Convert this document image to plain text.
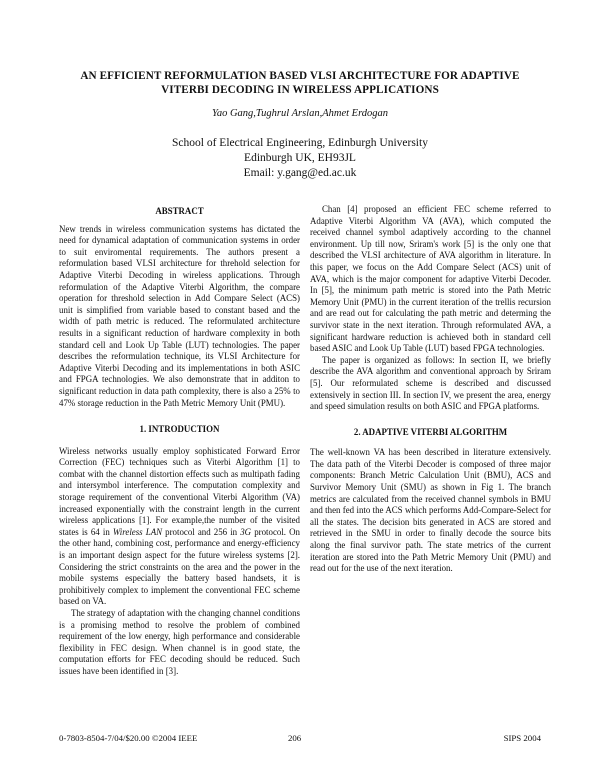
AN EFFICIENT REFORMULATION BASED VLSI ARCHITECTURE FOR ADAPTIVE
VITERBI DECODING IN WIRELESS APPLICATIONS
Yao Gang,Tughrul Arslan,Ahmet Erdogan
School of Electrical Engineering, Edinburgh University
Edinburgh UK, EH93JL
Email: y.gang@ed.ac.uk
ABSTRACT

New trends in wireless communication systems has dictated the need for dynamical adaptation of communication systems in order to suit enviromental requirements. The authors present a reformulation based VLSI architecture for threhold selection for Adaptive Viterbi Decoding in wireless applications. Through reformulation of the Adaptive Viterbi Algorithm, the compare operation for threshold selection in Add Compare Select (ACS) unit is simplified from variable based to constant based and the width of path metric is reduced. The reformulated architecture results in a significant reduction of hardware complexity in both standard cell and Look Up Table (LUT) technologies. The paper describes the reformulation technique, its VLSI Architecture for Adaptive Viterbi Decoding and its implementations in both ASIC and FPGA technologies. We also demonstrate that in additon to significant reduction in data path complexity, there is also a 25% to 47% storage reduction in the Path Metric Memory Unit (PMU).

1. INTRODUCTION

Wireless networks usually employ sophisticated Forward Error Correction (FEC) techniques such as Viterbi Algorithm [1] to combat with the channel distortion effects such as multipath fading and intersymbol interference. The computation complexity and storage requirement of the conventional Viterbi Algorithm (VA) increased exponentially with the constraint length in the current wireless applications [1]. For example,the number of the visited states is 64 in Wireless LAN protocol and 256 in 3G protocol. On the other hand, combining cost, performance and energy-efficiency is an important design aspect for the future wireless systems [2]. Considering the strict constraints on the area and the power in the mobile systems especially the battery based handsets, it is prohibitively complex to implement the conventional FEC scheme based on VA.

The strategy of adaptation with the changing channel conditions is a promising method to resolve the problem of combined requirement of the low energy, high performance and considerable flexibility in FEC design. When channel is in good state, the computation efforts for FEC decoding should be reduced. Such issues have been identified in [3].

Chan [4] proposed an efficient FEC scheme referred to Adaptive Viterbi Algorithm VA (AVA), which computed the received channel symbol adaptively according to the channel environment. Up till now, Sriram's work [5] is the only one that described the VLSI architecture of AVA algorithm in literature. In this paper, we focus on the Add Compare Select (ACS) unit of AVA, which is the major component for adaptive Viterbi Decoder. In [5], the minimum path metric is stored into the Path Metric Memory Unit (PMU) in the current iteration of the trellis recursion and are read out for calculating the path metric and determing the survivor state in the next iteration. Through reformulated AVA, a significant hardware reduction is achieved both in standard cell based ASIC and Look Up Table (LUT) based FPGA technologies.

The paper is organized as follows: In section II, we briefly describe the AVA algorithm and conventional approach by Sriram [5]. Our reformulated scheme is described and discussed extensively in section III. In section IV, we present the area, energy and speed simulation results on both ASIC and FPGA platforms.

2. ADAPTIVE VITERBI ALGORITHM

The well-known VA has been described in literature extensively. The data path of the Viterbi Decoder is composed of three major components: Branch Metric Calculation Unit (BMU), ACS and Survivor Memory Unit (SMU) as shown in Fig 1. The branch metrics are calculated from the received channel symbols in BMU and then fed into the ACS which performs Add-Compare-Select for all the states. The decision bits generated in ACS are stored and retrieved in the SMU in order to finally decode the source bits along the final survivor path. The state metrics of the current iteration are stored into the Path Metric Memory Unit (PMU) and read out for the use of the next iteration.

0-7803-8504-7/04/$20.00 ©2004 IEEE	206	SIPS 2004
